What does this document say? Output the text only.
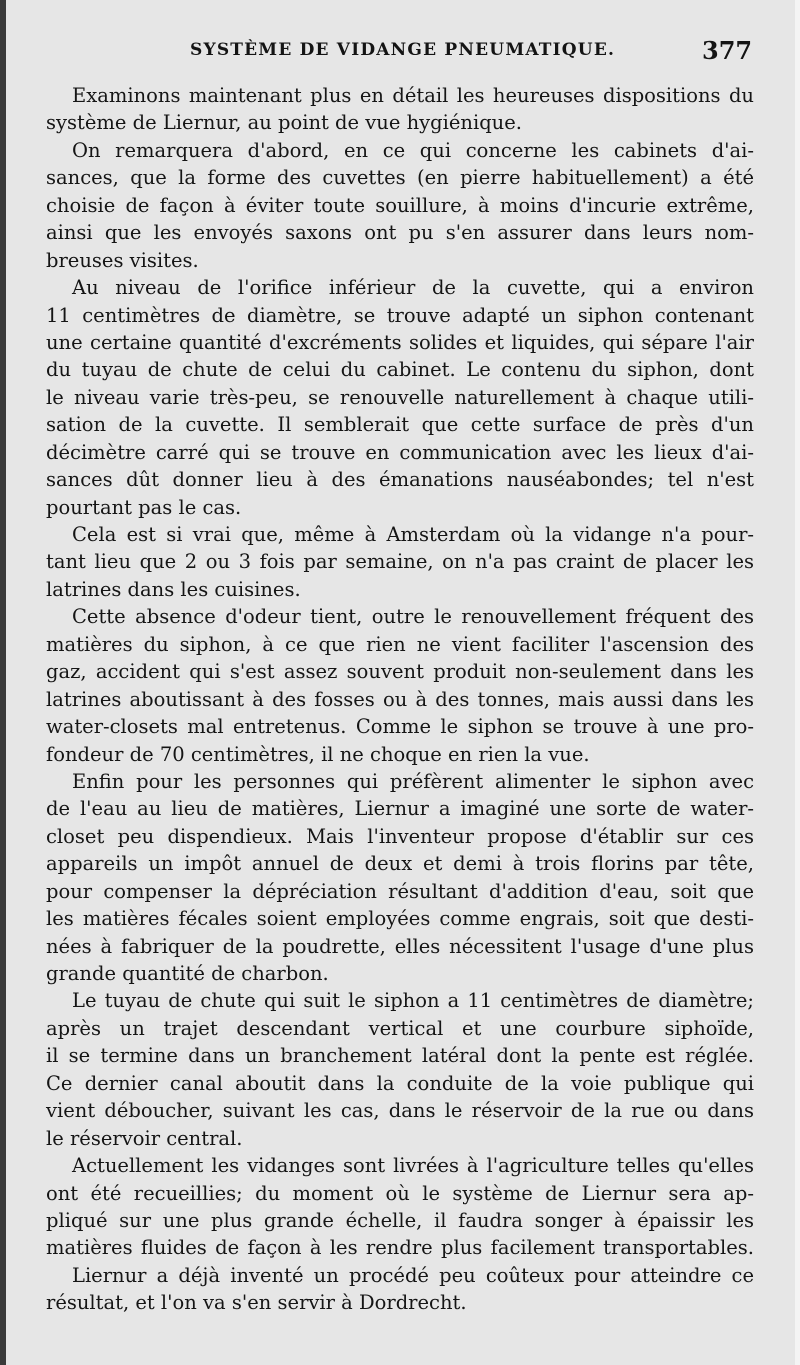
SYSTÈME DE VIDANGE PNEUMATIQUE.	377
Examinons maintenant plus en détail les heureuses dispositions du
système de Liernur, au point de vue hygiénique.
On remarquera d'abord, en ce qui concerne les cabinets d'ai-
sances, que la forme des cuvettes (en pierre habituellement) a été
choisie de façon à éviter toute souillure, à moins d'incurie extrême,
ainsi que les envoyés saxons ont pu s'en assurer dans leurs nom-
breuses visites.
Au niveau de l'orifice inférieur de la cuvette, qui a environ
11 centimètres de diamètre, se trouve adapté un siphon contenant
une certaine quantité d'excréments solides et liquides, qui sépare l'air
du tuyau de chute de celui du cabinet. Le contenu du siphon, dont
le niveau varie très-peu, se renouvelle naturellement à chaque utili-
sation de la cuvette. Il semblerait que cette surface de près d'un
décimètre carré qui se trouve en communication avec les lieux d'ai-
sances dût donner lieu à des émanations nauséabondes; tel n'est
pourtant pas le cas.
Cela est si vrai que, même à Amsterdam où la vidange n'a pour-
tant lieu que 2 ou 3 fois par semaine, on n'a pas craint de placer les
latrines dans les cuisines.
Cette absence d'odeur tient, outre le renouvellement fréquent des
matières du siphon, à ce que rien ne vient faciliter l'ascension des
gaz, accident qui s'est assez souvent produit non-seulement dans les
latrines aboutissant à des fosses ou à des tonnes, mais aussi dans les
water-closets mal entretenus. Comme le siphon se trouve à une pro-
fondeur de 70 centimètres, il ne choque en rien la vue.
Enfin pour les personnes qui préfèrent alimenter le siphon avec
de l'eau au lieu de matières, Liernur a imaginé une sorte de water-
closet peu dispendieux. Mais l'inventeur propose d'établir sur ces
appareils un impôt annuel de deux et demi à trois florins par tête,
pour compenser la dépréciation résultant d'addition d'eau, soit que
les matières fécales soient employées comme engrais, soit que desti-
nées à fabriquer de la poudrette, elles nécessitent l'usage d'une plus
grande quantité de charbon.
Le tuyau de chute qui suit le siphon a 11 centimètres de diamètre;
après un trajet descendant vertical et une courbure siphoïde,
il se termine dans un branchement latéral dont la pente est réglée.
Ce dernier canal aboutit dans la conduite de la voie publique qui
vient déboucher, suivant les cas, dans le réservoir de la rue ou dans
le réservoir central.
Actuellement les vidanges sont livrées à l'agriculture telles qu'elles
ont été recueillies; du moment où le système de Liernur sera ap-
pliqué sur une plus grande échelle, il faudra songer à épaissir les
matières fluides de façon à les rendre plus facilement transportables.
Liernur a déjà inventé un procédé peu coûteux pour atteindre ce
résultat, et l'on va s'en servir à Dordrecht.
